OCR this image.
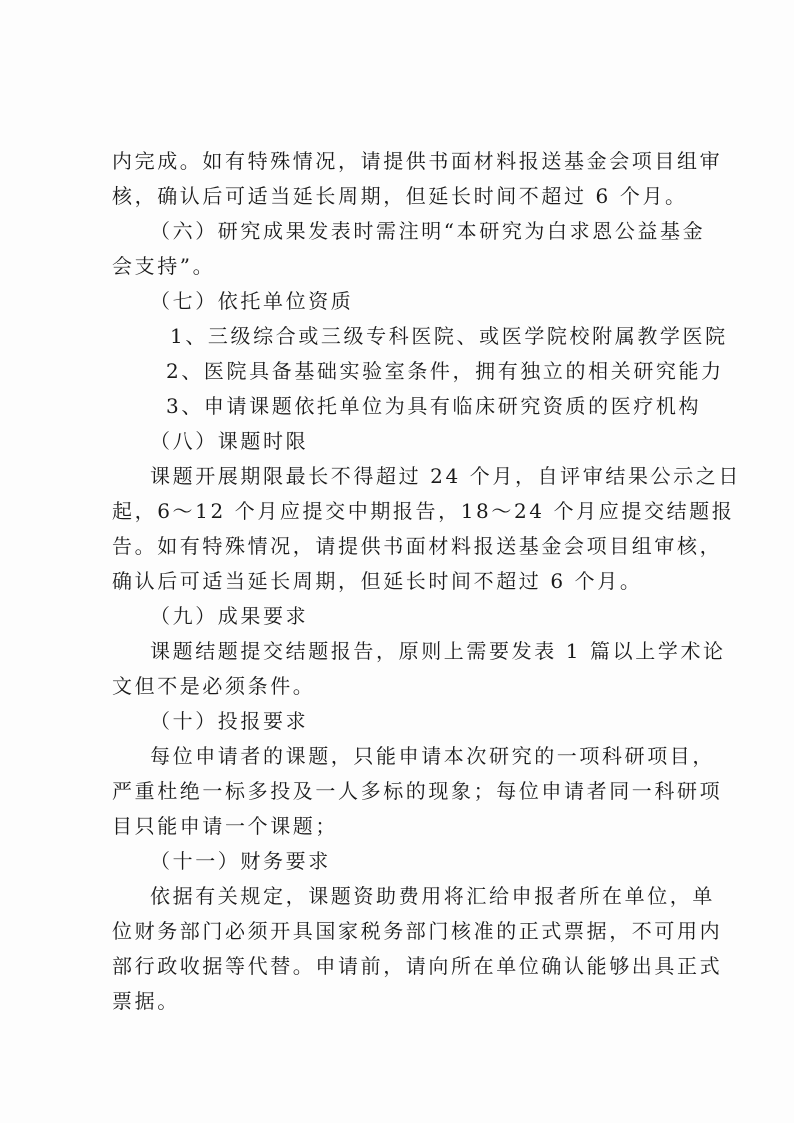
内完成。如有特殊情况，请提供书面材料报送基金会项目组审
核，确认后可适当延长周期，但延长时间不超过 6 个月。
（六）研究成果发表时需注明“本研究为白求恩公益基金
会支持”。
（七）依托单位资质
1、三级综合或三级专科医院、或医学院校附属教学医院
2、医院具备基础实验室条件，拥有独立的相关研究能力
3、申请课题依托单位为具有临床研究资质的医疗机构
（八）课题时限
课题开展期限最长不得超过 24 个月，自评审结果公示之日
起，6～12 个月应提交中期报告，18～24 个月应提交结题报
告。如有特殊情况，请提供书面材料报送基金会项目组审核，
确认后可适当延长周期，但延长时间不超过 6 个月。
（九）成果要求
课题结题提交结题报告，原则上需要发表 1 篇以上学术论
文但不是必须条件。
（十）投报要求
每位申请者的课题，只能申请本次研究的一项科研项目，
严重杜绝一标多投及一人多标的现象；每位申请者同一科研项
目只能申请一个课题；
（十一）财务要求
依据有关规定，课题资助费用将汇给申报者所在单位，单
位财务部门必须开具国家税务部门核准的正式票据，不可用内
部行政收据等代替。申请前，请向所在单位确认能够出具正式
票据。
